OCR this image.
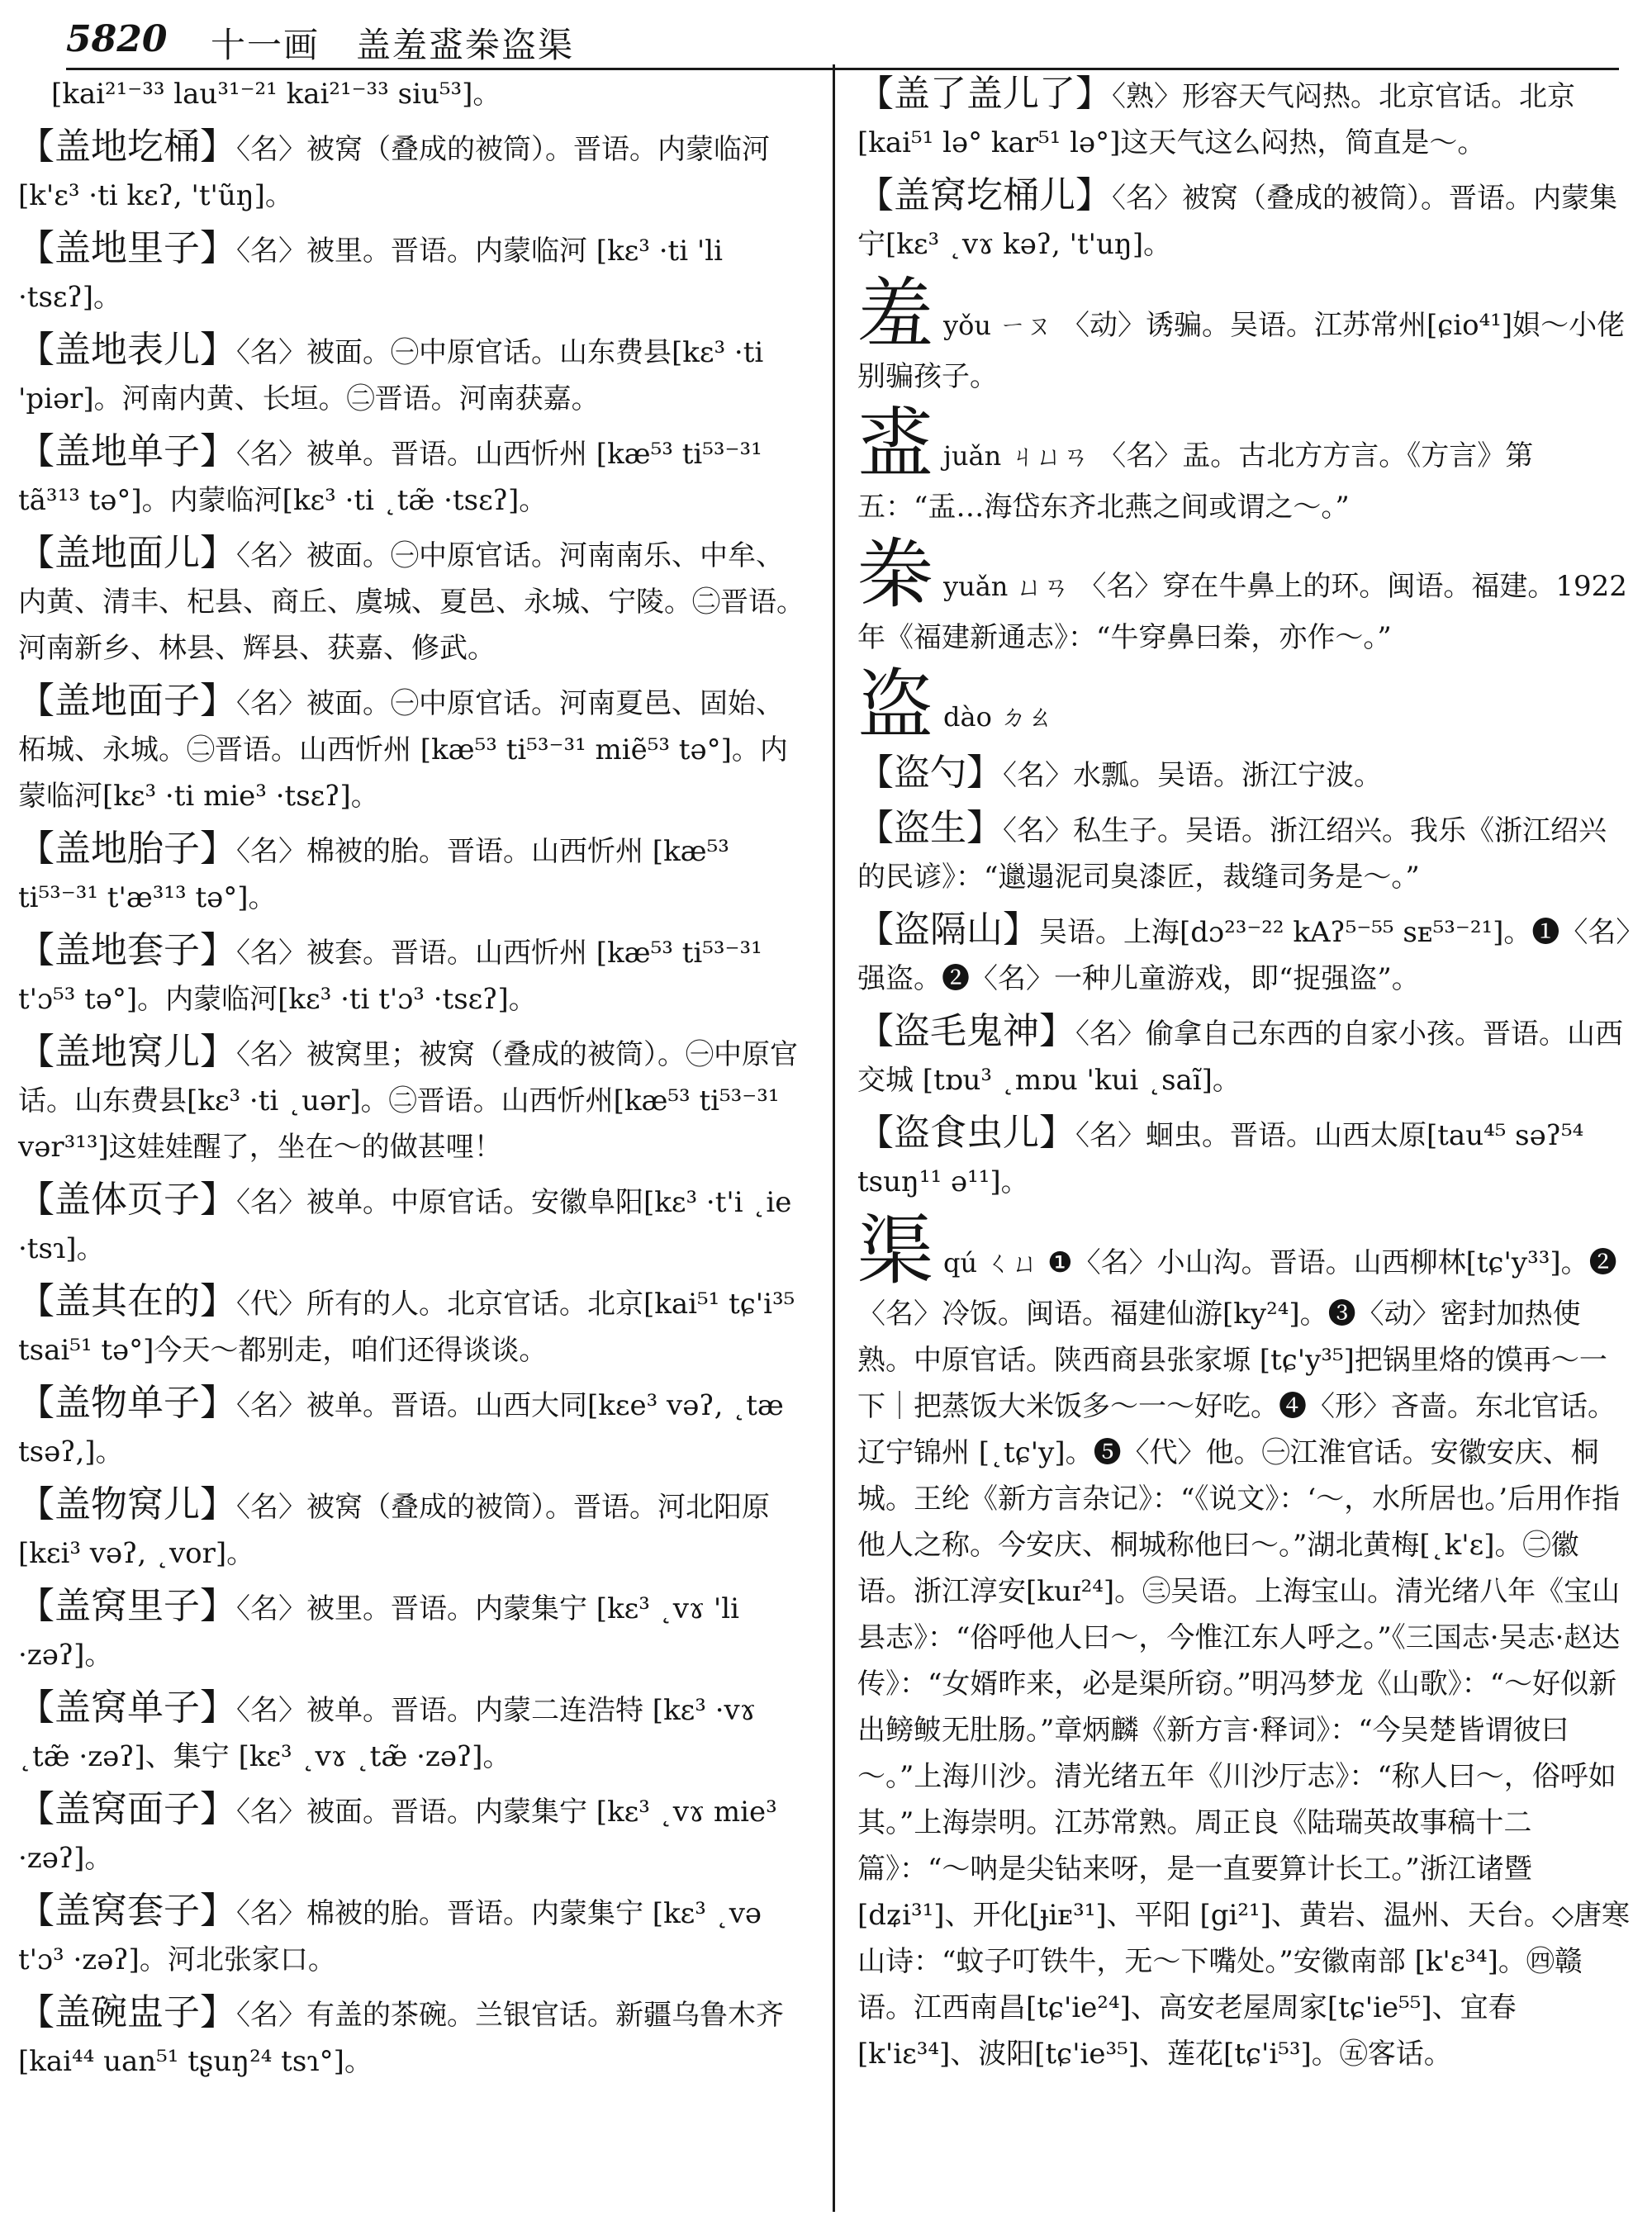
5820 十一画　盖羞盚桊盗渠
[kai²¹⁻³³ lau³¹⁻²¹ kai²¹⁻³³ siu⁵³]。
【盖地圪桶】〈名〉被窝（叠成的被筒）。晋语。内蒙临河 [k'ɛ³ ·ti kɛʔ, 't'ũŋ]。
【盖地里子】〈名〉被里。晋语。内蒙临河 [kɛ³ ·ti 'li ·tsɛʔ]。
【盖地表儿】〈名〉被面。㊀中原官话。山东费县[kɛ³ ·ti 'piər]。河南内黄、长垣。㊁晋语。河南获嘉。
【盖地单子】〈名〉被单。晋语。山西忻州 [kæ⁵³ ti⁵³⁻³¹ tã³¹³ tə°]。内蒙临河[kɛ³ ·ti ˛tæ̃ ·tsɛʔ]。
【盖地面儿】〈名〉被面。㊀中原官话。河南南乐、中牟、内黄、清丰、杞县、商丘、虞城、夏邑、永城、宁陵。㊁晋语。河南新乡、林县、辉县、获嘉、修武。
【盖地面子】〈名〉被面。㊀中原官话。河南夏邑、固始、柘城、永城。㊁晋语。山西忻州 [kæ⁵³ ti⁵³⁻³¹ miẽ⁵³ tə°]。内蒙临河[kɛ³ ·ti mie³ ·tsɛʔ]。
【盖地胎子】〈名〉棉被的胎。晋语。山西忻州 [kæ⁵³ ti⁵³⁻³¹ t'æ³¹³ tə°]。
【盖地套子】〈名〉被套。晋语。山西忻州 [kæ⁵³ ti⁵³⁻³¹ t'ɔ⁵³ tə°]。内蒙临河[kɛ³ ·ti t'ɔ³ ·tsɛʔ]。
【盖地窝儿】〈名〉被窝里；被窝（叠成的被筒）。㊀中原官话。山东费县[kɛ³ ·ti ˛uər]。㊁晋语。山西忻州[kæ⁵³ ti⁵³⁻³¹ vər³¹³]这娃娃醒了，坐在～的做甚哩！
【盖体页子】〈名〉被单。中原官话。安徽阜阳[kɛ³ ·t'i ˛ie ·tsɿ]。
【盖其在的】〈代〉所有的人。北京官话。北京[kai⁵¹ tɕ'i³⁵ tsai⁵¹ tə°]今天～都别走，咱们还得谈谈。
【盖物单子】〈名〉被单。晋语。山西大同[kɛe³ vəʔ, ˛tæ tsəʔ,]。
【盖物窝儿】〈名〉被窝（叠成的被筒）。晋语。河北阳原[kɛi³ vəʔ, ˛vor]。
【盖窝里子】〈名〉被里。晋语。内蒙集宁 [kɛ³ ˛vɤ 'li ·zəʔ]。
【盖窝单子】〈名〉被单。晋语。内蒙二连浩特 [kɛ³ ·vɤ ˛tæ̃ ·zəʔ]、集宁 [kɛ³ ˛vɤ ˛tæ̃ ·zəʔ]。
【盖窝面子】〈名〉被面。晋语。内蒙集宁 [kɛ³ ˛vɤ mie³ ·zəʔ]。
【盖窝套子】〈名〉棉被的胎。晋语。内蒙集宁 [kɛ³ ˛və t'ɔ³ ·zəʔ]。河北张家口。
【盖碗盅子】〈名〉有盖的茶碗。兰银官话。新疆乌鲁木齐 [kai⁴⁴ uan⁵¹ tʂuŋ²⁴ tsɿ°]。
【盖了盖儿了】〈熟〉形容天气闷热。北京官话。北京[kai⁵¹ lə° kar⁵¹ lə°]这天气这么闷热，简直是～。
【盖窝圪桶儿】〈名〉被窝（叠成的被筒）。晋语。内蒙集宁[kɛ³ ˛vɤ kəʔ, 't'uŋ]。
羞yǒu ㄧㄡ 〈动〉诱骗。吴语。江苏常州[ɕio⁴¹]㛝～小佬别骗孩子。
盚juǎn ㄐㄩㄢ 〈名〉盂。古北方方言。《方言》第五：“盂…海岱东齐北燕之间或谓之～。”
桊yuǎn ㄩㄢ 〈名〉穿在牛鼻上的环。闽语。福建。1922年《福建新通志》：“牛穿鼻曰桊，亦作～。”
盗dào ㄉㄠ
【盗勺】〈名〉水瓢。吴语。浙江宁波。
【盗生】〈名〉私生子。吴语。浙江绍兴。我乐《浙江绍兴的民谚》：“邋遢泥司臭漆匠，裁缝司务是～。”
【盗隔山】吴语。上海[dɔ²³⁻²² kAʔ⁵⁻⁵⁵ sᴇ⁵³⁻²¹]。❶〈名〉强盗。❷〈名〉一种儿童游戏，即“捉强盗”。
【盗毛鬼神】〈名〉偷拿自己东西的自家小孩。晋语。山西交城 [tɒu³ ˛mɒu 'kui ˛saĩ]。
【盗食虫儿】〈名〉蛔虫。晋语。山西太原[tau⁴⁵ səʔ⁵⁴ tsuŋ¹¹ ə¹¹]。
渠qú ㄑㄩ ❶〈名〉小山沟。晋语。山西柳林[tɕ'y³³]。❷〈名〉冷饭。闽语。福建仙游[ky²⁴]。❸〈动〉密封加热使熟。中原官话。陕西商县张家塬 [tɕ'y³⁵]把锅里烙的馍再～一下｜把蒸饭大米饭多～一～好吃。❹〈形〉吝啬。东北官话。辽宁锦州 [˛tɕ'y]。❺〈代〉他。㊀江淮官话。安徽安庆、桐城。王纶《新方言杂记》：“《说文》：‘～，水所居也。’后用作指他人之称。今安庆、桐城称他曰～。”湖北黄梅[˛k'ɛ]。㊁徽语。浙江淳安[kuɪ²⁴]。㊂吴语。上海宝山。清光绪八年《宝山县志》：“俗呼他人曰～，今惟江东人呼之。”《三国志·吴志·赵达传》：“女婿昨来，必是渠所窃。”明冯梦龙《山歌》：“～好似新出鳑鲏无肚肠。”章炳麟《新方言·释词》：“今吴楚皆谓彼曰～。”上海川沙。清光绪五年《川沙厅志》：“称人曰～，俗呼如其。”上海崇明。江苏常熟。周正良《陆瑞英故事稿十二篇》：“～呐是尖钻来呀，是一直要算计长工。”浙江诸暨 [dʑi³¹]、开化[ɟiᴇ³¹]、平阳 [gi²¹]、黄岩、温州、天台。◇唐寒山诗：“蚊子叮铁牛，无～下嘴处。”安徽南部 [k'ɛ³⁴]。㊃赣语。江西南昌[tɕ'ie²⁴]、高安老屋周家[tɕ'ie⁵⁵]、宜春[k'iɛ³⁴]、波阳[tɕ'ie³⁵]、莲花[tɕ'i⁵³]。㊄客话。
